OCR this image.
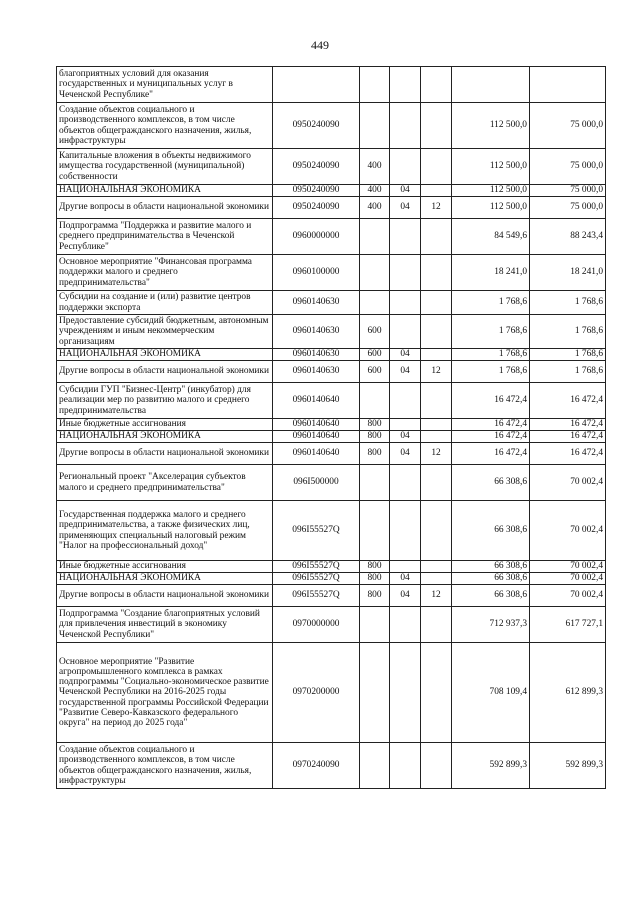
449
благоприятных условий для оказания государственных и муниципальных услуг в Чеченской Республике"						
Создание объектов социального и производственного комплексов, в том числе объектов общегражданского назначения, жилья, инфраструктуры	0950240090				112 500,0	75 000,0
Капитальные вложения в объекты недвижимого имущества государственной (муниципальной) собственности	0950240090	400			112 500,0	75 000,0
НАЦИОНАЛЬНАЯ ЭКОНОМИКА	0950240090	400	04		112 500,0	75 000,0
Другие вопросы в области национальной экономики	0950240090	400	04	12	112 500,0	75 000,0
Подпрограмма "Поддержка и развитие малого и среднего предпринимательства в Чеченской Республике"	0960000000				84 549,6	88 243,4
Основное мероприятие "Финансовая программа поддержки малого и среднего предпринимательства"	0960100000				18 241,0	18 241,0
Субсидии на создание и (или) развитие центров поддержки экспорта	0960140630				1 768,6	1 768,6
Предоставление субсидий бюджетным, автономным учреждениям и иным некоммерческим организациям	0960140630	600			1 768,6	1 768,6
НАЦИОНАЛЬНАЯ ЭКОНОМИКА	0960140630	600	04		1 768,6	1 768,6
Другие вопросы в области национальной экономики	0960140630	600	04	12	1 768,6	1 768,6
Субсидии ГУП "Бизнес-Центр" (инкубатор) для реализации мер по развитию малого и среднего предпринимательства	0960140640				16 472,4	16 472,4
Иные бюджетные ассигнования	0960140640	800			16 472,4	16 472,4
НАЦИОНАЛЬНАЯ ЭКОНОМИКА	0960140640	800	04		16 472,4	16 472,4
Другие вопросы в области национальной экономики	0960140640	800	04	12	16 472,4	16 472,4
Региональный проект "Акселерация субъектов малого и среднего предпринимательства"	096I500000				66 308,6	70 002,4
Государственная поддержка малого и среднего предпринимательства, а также физических лиц, применяющих специальный налоговый режим "Налог на профессиональный доход"	096I55527Q				66 308,6	70 002,4
Иные бюджетные ассигнования	096I55527Q	800			66 308,6	70 002,4
НАЦИОНАЛЬНАЯ ЭКОНОМИКА	096I55527Q	800	04		66 308,6	70 002,4
Другие вопросы в области национальной экономики	096I55527Q	800	04	12	66 308,6	70 002,4
Подпрограмма "Создание благоприятных условий для привлечения инвестиций в экономику Чеченской Республики"	0970000000				712 937,3	617 727,1
Основное мероприятие "Развитие агропромышленного комплекса в рамках подпрограммы "Социально-экономическое развитие Чеченской Республики на 2016-2025 годы государственной программы Российской Федерации "Развитие Северо-Кавказского федерального округа" на период до 2025 года"	0970200000				708 109,4	612 899,3
Создание объектов социального и производственного комплексов, в том числе объектов общегражданского назначения, жилья, инфраструктуры	0970240090				592 899,3	592 899,3
